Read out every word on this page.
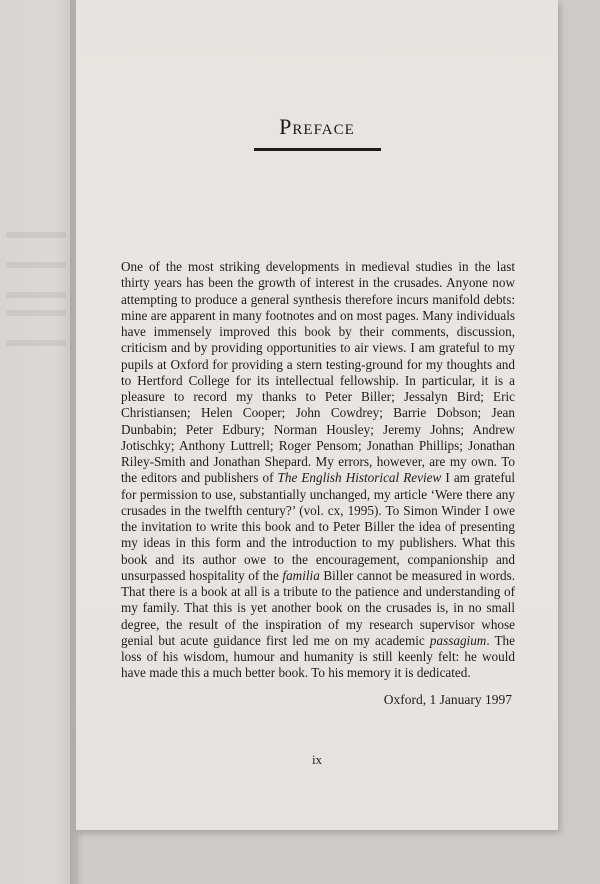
Preface
One of the most striking developments in medieval studies in the last thirty years has been the growth of interest in the crusades. Anyone now attempting to produce a general synthesis therefore incurs manifold debts: mine are apparent in many footnotes and on most pages. Many individuals have immensely improved this book by their comments, discussion, criticism and by providing opportunities to air views. I am grateful to my pupils at Oxford for providing a stern testing-ground for my thoughts and to Hertford College for its intellectual fellowship. In particular, it is a pleasure to record my thanks to Peter Biller; Jessalyn Bird; Eric Christiansen; Helen Cooper; John Cowdrey; Barrie Dobson; Jean Dunbabin; Peter Edbury; Norman Housley; Jeremy Johns; Andrew Jotischky; Anthony Luttrell; Roger Pensom; Jonathan Phillips; Jonathan Riley-Smith and Jonathan Shepard. My errors, however, are my own. To the editors and publishers of The English Historical Review I am grateful for permission to use, substantially unchanged, my article ‘Were there any crusades in the twelfth century?’ (vol. cx, 1995). To Simon Winder I owe the invitation to write this book and to Peter Biller the idea of presenting my ideas in this form and the introduction to my publishers. What this book and its author owe to the encouragement, companionship and unsurpassed hospitality of the familia Biller cannot be measured in words. That there is a book at all is a tribute to the patience and understanding of my family. That this is yet another book on the crusades is, in no small degree, the result of the inspiration of my research supervisor whose genial but acute guidance first led me on my academic passagium. The loss of his wisdom, humour and humanity is still keenly felt: he would have made this a much better book. To his memory it is dedicated.
Oxford, 1 January 1997
ix
